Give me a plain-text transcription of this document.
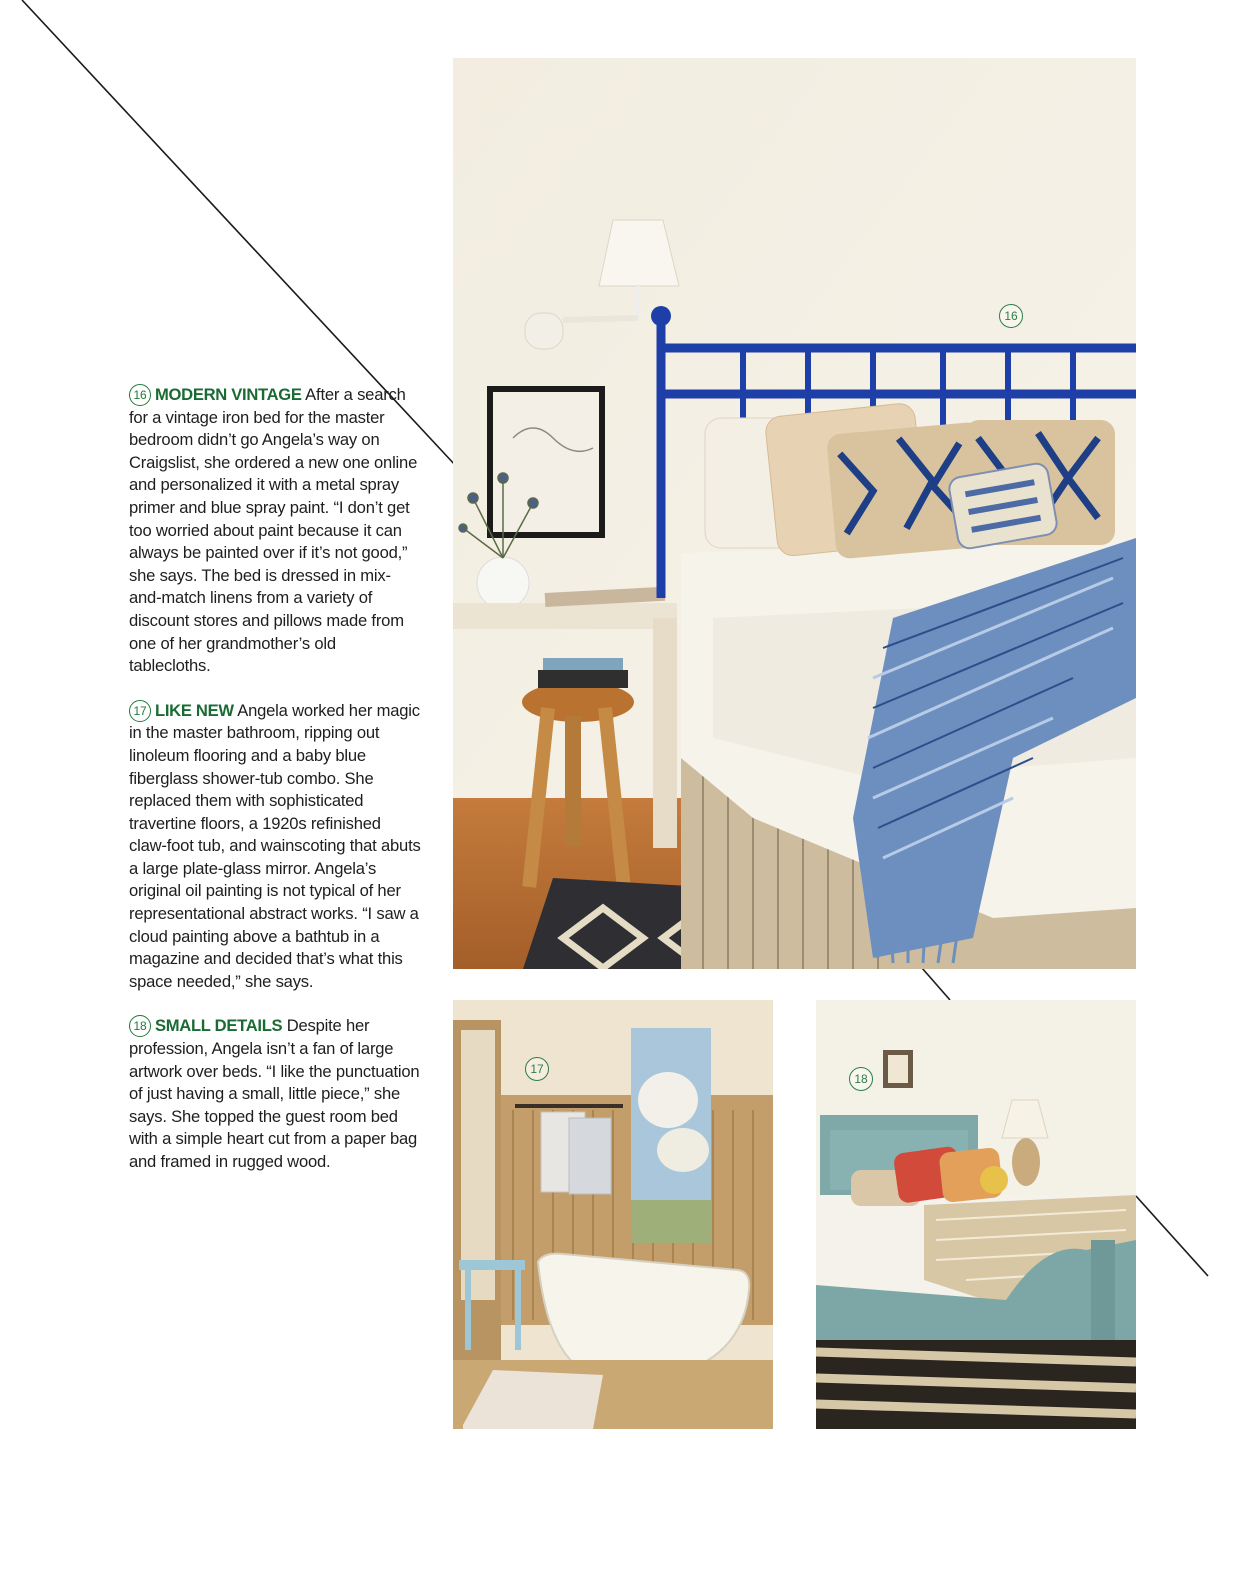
16 MODERN VINTAGE After a search for a vintage iron bed for the master bedroom didn’t go Angela’s way on Craigslist, she ordered a new one online and personalized it with a metal spray primer and blue spray paint. “I don’t get too worried about paint because it can always be painted over if it’s not good,” she says. The bed is dressed in mix-and-match linens from a variety of discount stores and pillows made from one of her grandmother’s old tablecloths.

17 LIKE NEW Angela worked her magic in the master bathroom, ripping out linoleum flooring and a baby blue fiberglass shower-tub combo. She replaced them with sophisticated travertine floors, a 1920s refinished claw-foot tub, and wainscoting that abuts a large plate-glass mirror. Angela’s original oil painting is not typical of her representational abstract works. “I saw a cloud painting above a bathtub in a magazine and decided that’s what this space needed,” she says.

18 SMALL DETAILS Despite her profession, Angela isn’t a fan of large artwork over beds. “I like the punctuation of just having a small, little piece,” she says. She topped the guest room bed with a simple heart cut from a paper bag and framed in rugged wood.

16
17
18
